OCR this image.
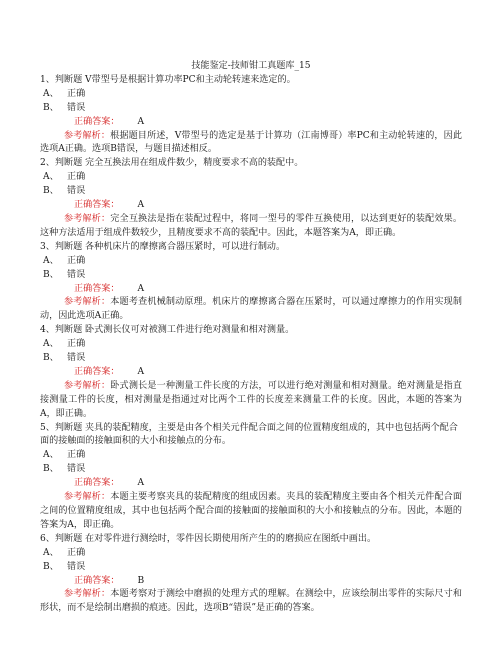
技能鉴定-技师钳工真题库_15
1、判断题 V带型号是根据计算功率PC和主动轮转速来选定的。
A、 正确
B、 错误
正确答案： A
参考解析：根据题目所述，V带型号的选定是基于计算功（江南博哥）率PC和主动轮转速的，因此选项A正确。选项B错误，与题目描述相反。
2、判断题 完全互换法用在组成件数少，精度要求不高的装配中。
A、 正确
B、 错误
正确答案： A
参考解析：完全互换法是指在装配过程中，将同一型号的零件互换使用，以达到更好的装配效果。这种方法适用于组成件数较少，且精度要求不高的装配中。因此，本题答案为A，即正确。
3、判断题 各种机床片的摩擦离合器压紧时，可以进行制动。
A、 正确
B、 错误
正确答案： A
参考解析：本题考查机械制动原理。机床片的摩擦离合器在压紧时，可以通过摩擦力的作用实现制动，因此选项A正确。
4、判断题 卧式测长仪可对被测工件进行绝对测量和相对测量。
A、 正确
B、 错误
正确答案： A
参考解析：卧式测长是一种测量工件长度的方法，可以进行绝对测量和相对测量。绝对测量是指直接测量工件的长度，相对测量是指通过对比两个工件的长度差来测量工件的长度。因此，本题的答案为A，即正确。
5、判断题 夹具的装配精度，主要是由各个相关元件配合面之间的位置精度组成的，其中也包括两个配合面的接触面的接触面积的大小和接触点的分布。
A、 正确
B、 错误
正确答案： A
参考解析：本题主要考察夹具的装配精度的组成因素。夹具的装配精度主要由各个相关元件配合面之间的位置精度组成，其中也包括两个配合面的接触面的接触面积的大小和接触点的分布。因此，本题的答案为A，即正确。
6、判断题 在对零件进行测绘时，零件因长期使用所产生的的磨损应在图纸中画出。
A、 正确
B、 错误
正确答案： B
参考解析：本题考察对于测绘中磨损的处理方式的理解。在测绘中，应该绘制出零件的实际尺寸和形状，而不是绘制出磨损的痕迹。因此，选项B“错误”是正确的答案。
